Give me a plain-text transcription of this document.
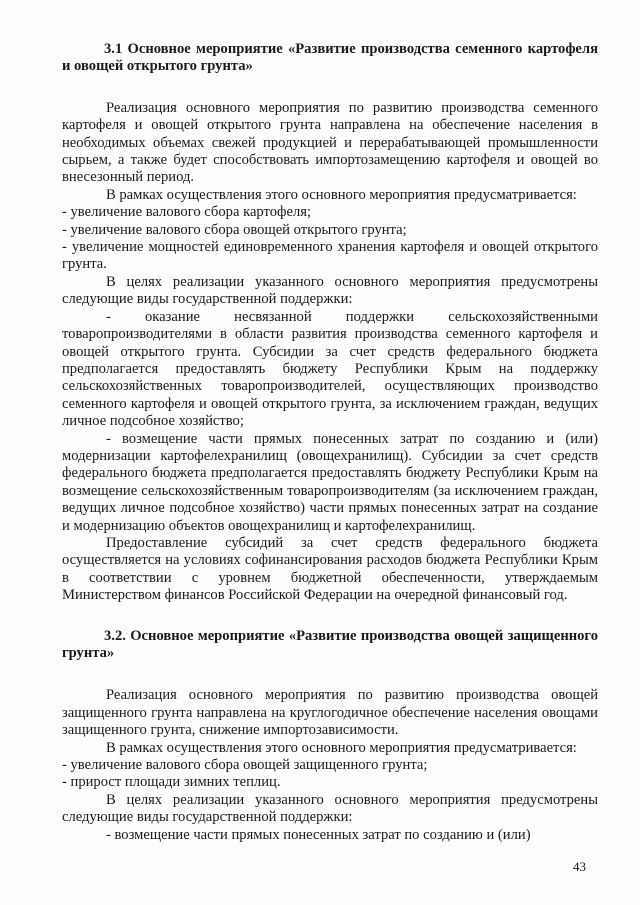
3.1 Основное мероприятие «Развитие производства семенного картофеля и овощей открытого грунта»

Реализация основного мероприятия по развитию производства семенного картофеля и овощей открытого грунта направлена на обеспечение населения в необходимых объемах свежей продукцией и перерабатывающей промышленности сырьем, а также будет способствовать импортозамещению картофеля и овощей во внесезонный период.

В рамках осуществления этого основного мероприятия предусматривается:

- увеличение валового сбора картофеля;

- увеличение валового сбора овощей открытого грунта;

- увеличение мощностей единовременного хранения картофеля и овощей открытого грунта.

В целях реализации указанного основного мероприятия предусмотрены следующие виды государственной поддержки:

- оказание несвязанной поддержки сельскохозяйственными товаропроизводителями в области развития производства семенного картофеля и овощей открытого грунта. Субсидии за счет средств федерального бюджета предполагается предоставлять бюджету Республики Крым на поддержку сельскохозяйственных товаропроизводителей, осуществляющих производство семенного картофеля и овощей открытого грунта, за исключением граждан, ведущих личное подсобное хозяйство;

- возмещение части прямых понесенных затрат по созданию и (или) модернизации картофелехранилищ (овощехранилищ). Субсидии за счет средств федерального бюджета предполагается предоставлять бюджету Республики Крым на возмещение сельскохозяйственным товаропроизводителям (за исключением граждан, ведущих личное подсобное хозяйство) части прямых понесенных затрат на создание и модернизацию объектов овощехранилищ и картофелехранилищ.

Предоставление субсидий за счет средств федерального бюджета осуществляется на условиях софинансирования расходов бюджета Республики Крым в соответствии с уровнем бюджетной обеспеченности, утверждаемым Министерством финансов Российской Федерации на очередной финансовый год.

3.2. Основное мероприятие «Развитие производства овощей защищенного грунта»

Реализация основного мероприятия по развитию производства овощей защищенного грунта направлена на круглогодичное обеспечение населения овощами защищенного грунта, снижение импортозависимости.

В рамках осуществления этого основного мероприятия предусматривается:

- увеличение валового сбора овощей защищенного грунта;

- прирост площади зимних теплиц.

В целях реализации указанного основного мероприятия предусмотрены следующие виды государственной поддержки:

- возмещение части прямых понесенных затрат по созданию и (или)

43
